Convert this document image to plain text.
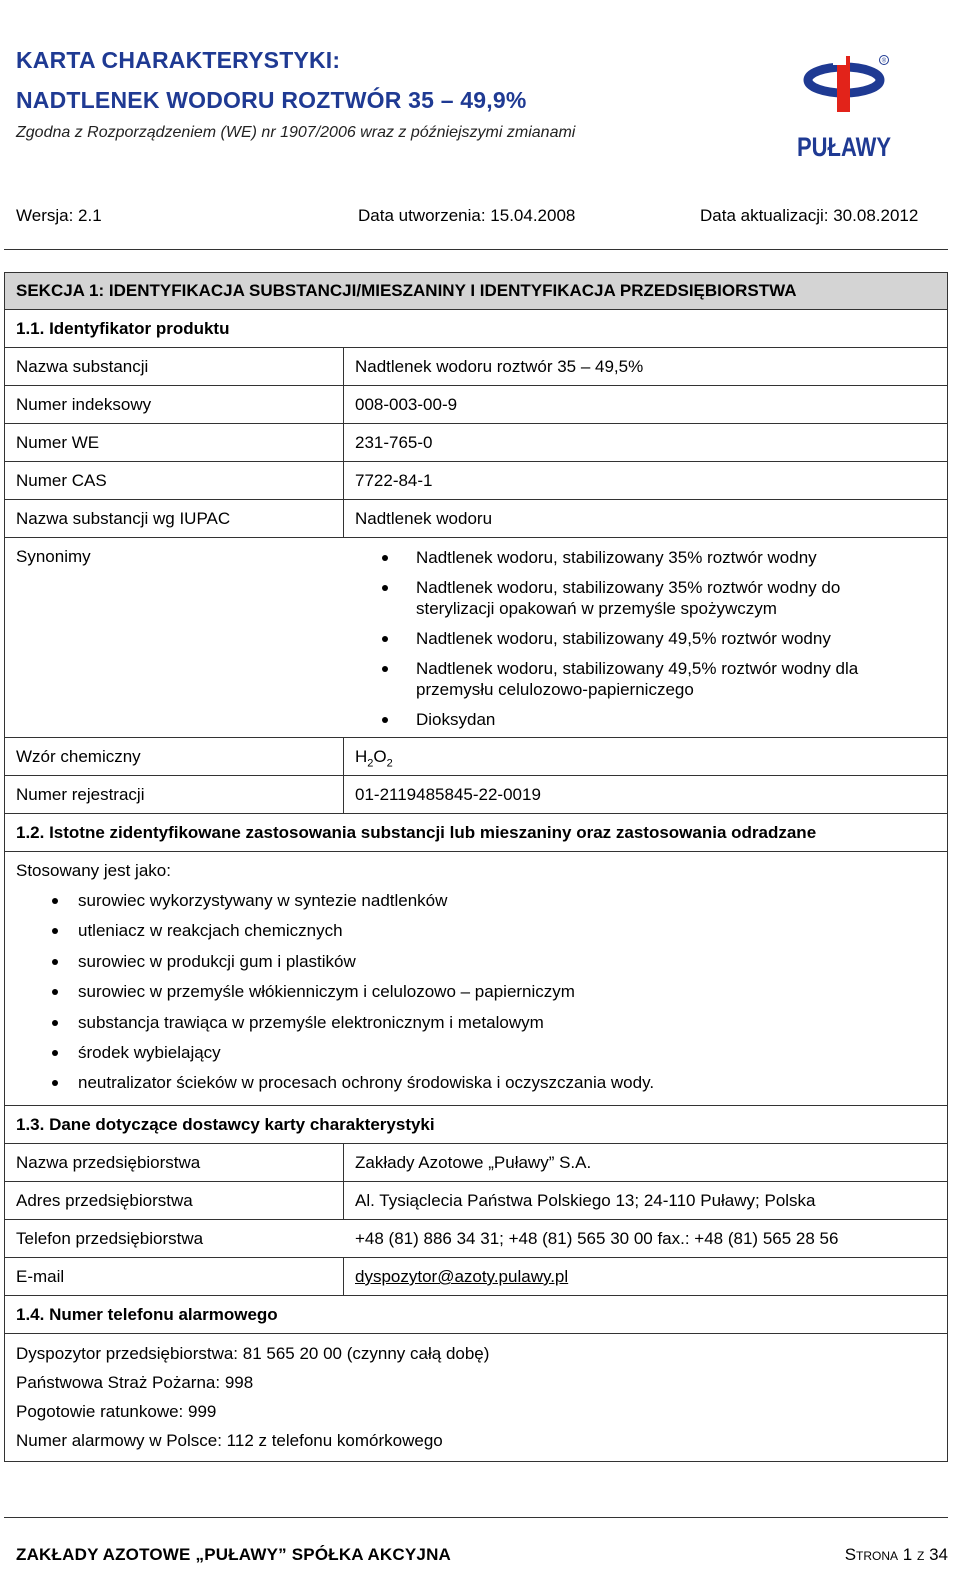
KARTA CHARAKTERYSTYKI:
NADTLENEK WODORU ROZTWÓR 35 – 49,9%
Zgodna z Rozporządzeniem (WE) nr 1907/2006 wraz z późniejszymi zmianami
®
PUŁAWY
Wersja: 2.1	Data utworzenia: 15.04.2008	Data aktualizacji: 30.08.2012
SEKCJA 1: IDENTYFIKACJA SUBSTANCJI/MIESZANINY I IDENTYFIKACJA PRZEDSIĘBIORSTWA
1.1. Identyfikator produktu
Nazwa substancji	Nadtlenek wodoru roztwór 35 – 49,5%
Numer indeksowy	008-003-00-9
Numer WE	231-765-0
Numer CAS	7722-84-1
Nazwa substancji wg IUPAC	Nadtlenek wodoru
Synonimy	Nadtlenek wodoru, stabilizowany 35% roztwór wodny
Nadtlenek wodoru, stabilizowany 35% roztwór wodny do sterylizacji opakowań w przemyśle spożywczym
Nadtlenek wodoru, stabilizowany 49,5% roztwór wodny
Nadtlenek wodoru, stabilizowany 49,5% roztwór wodny dla przemysłu celulozowo-papierniczego
Dioksydan
Wzór chemiczny	$H_2O_2$
Numer rejestracji	01-2119485845-22-0019
1.2. Istotne zidentyfikowane zastosowania substancji lub mieszaniny oraz zastosowania odradzane
Stosowany jest jako:
surowiec wykorzystywany w syntezie nadtlenków
utleniacz w reakcjach chemicznych
surowiec w produkcji gum i plastików
surowiec w przemyśle włókienniczym i celulozowo – papierniczym
substancja trawiąca w przemyśle elektronicznym i metalowym
środek wybielający
neutralizator ścieków w procesach ochrony środowiska i oczyszczania wody.
1.3. Dane dotyczące dostawcy karty charakterystyki
Nazwa przedsiębiorstwa	Zakłady Azotowe „Puławy” S.A.
Adres przedsiębiorstwa	Al. Tysiąclecia Państwa Polskiego 13; 24-110 Puławy; Polska
Telefon przedsiębiorstwa	+48 (81) 886 34 31; +48 (81) 565 30 00 fax.: +48 (81) 565 28 56
E-mail	dyspozytor@azoty.pulawy.pl
1.4. Numer telefonu alarmowego

Dyspozytor przedsiębiorstwa: 81 565 20 00 (czynny całą dobę)

Państwowa Straż Pożarna: 998

Pogotowie ratunkowe: 999

Numer alarmowy w Polsce: 112 z telefonu komórkowego

ZAKŁADY AZOTOWE „PUŁAWY” SPÓŁKA AKCYJNA	Strona 1 z 34
